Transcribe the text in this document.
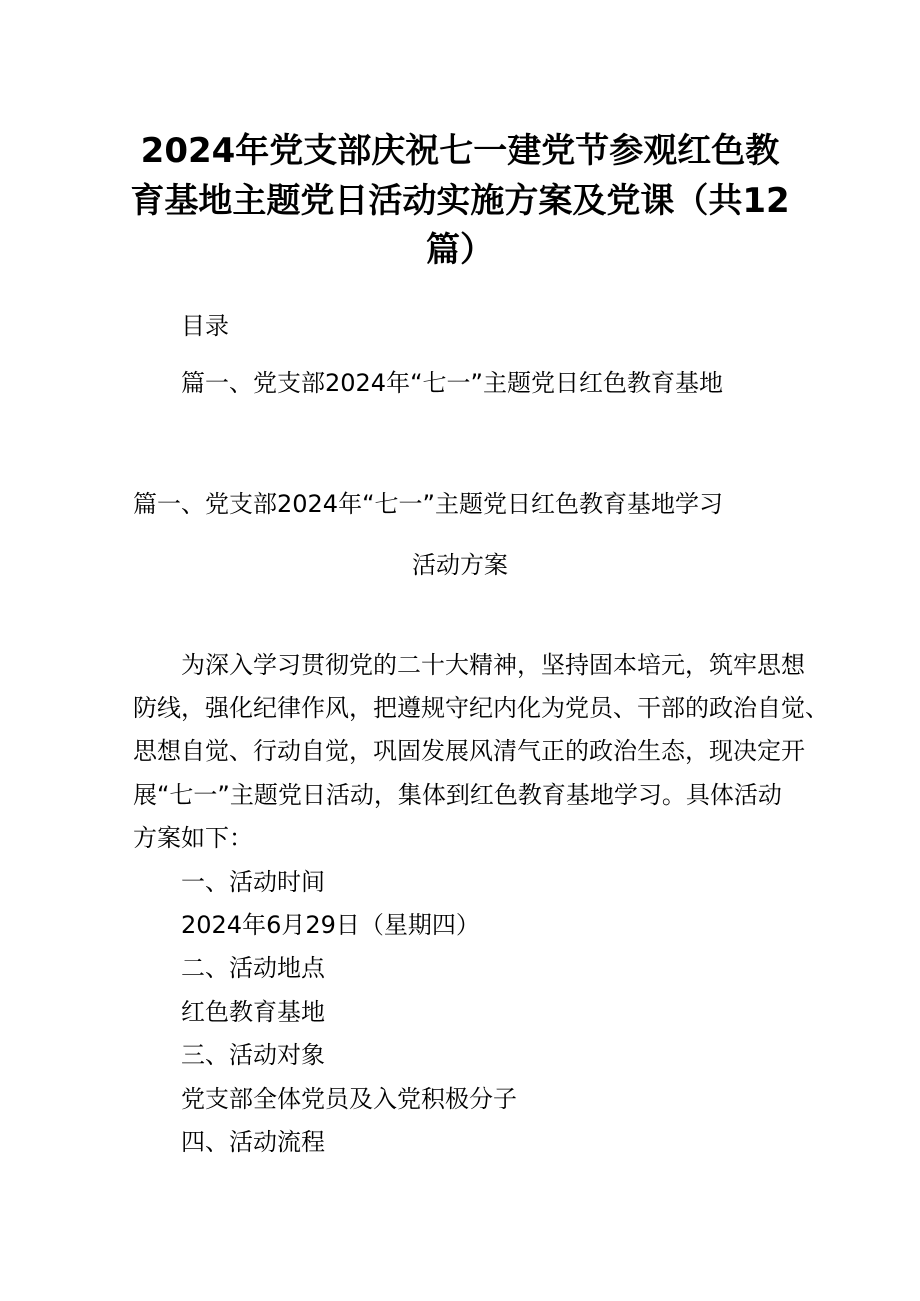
2024年党支部庆祝七一建党节参观红色教
育基地主题党日活动实施方案及党课（共12
篇）
目录
篇一、党支部2024年“七一”主题党日红色教育基地
篇一、党支部2024年“七一”主题党日红色教育基地学习
活动方案
为深入学习贯彻党的二十大精神，坚持固本培元，筑牢思想
防线，强化纪律作风，把遵规守纪内化为党员、干部的政治自觉、
思想自觉、行动自觉，巩固发展风清气正的政治生态，现决定开
展“七一”主题党日活动，集体到红色教育基地学习。具体活动
方案如下：
一、活动时间
2024年6月29日（星期四）
二、活动地点
红色教育基地
三、活动对象
党支部全体党员及入党积极分子
四、活动流程
